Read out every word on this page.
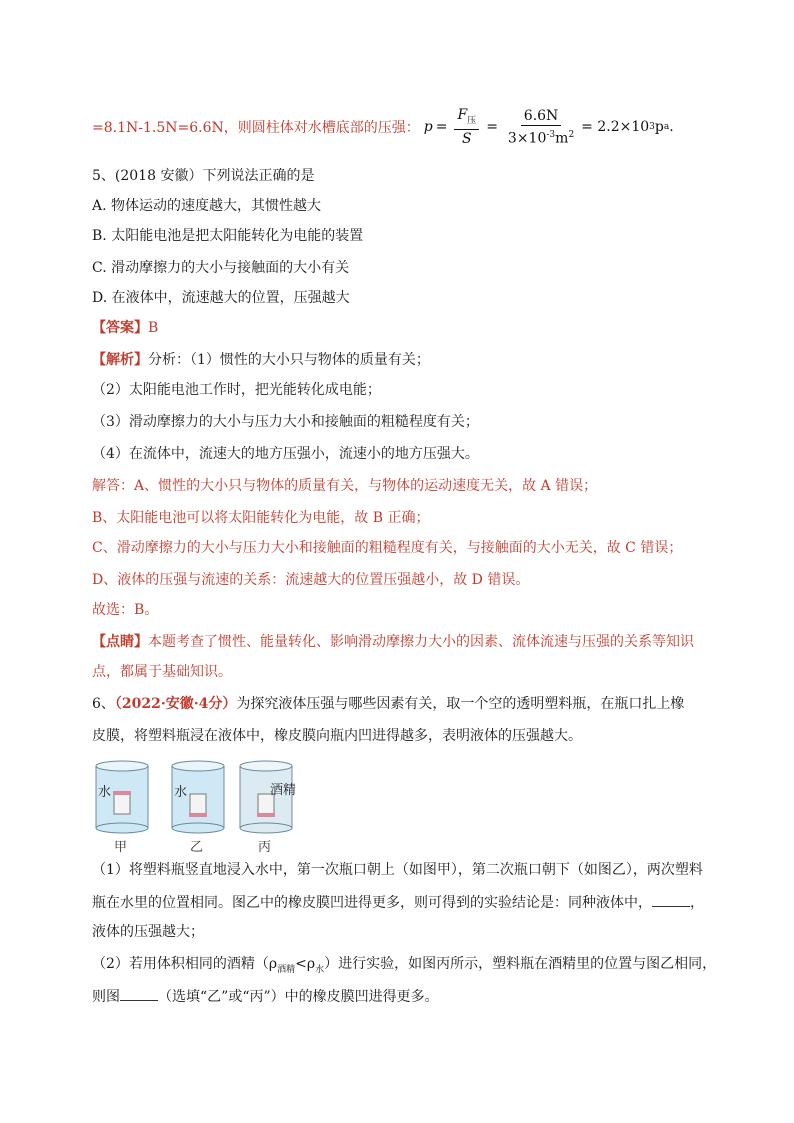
=8.1N-1.5N=6.6N，则圆柱体对水槽底部的压强： $p = \frac{F_压}{S} = \frac{6.6N}{3\times 10^{-3}m^2} = 2.2\times 10$ 3 p a .
5、(2018 安徽）下列说法正确的是
A. 物体运动的速度越大，其惯性越大
B. 太阳能电池是把太阳能转化为电能的装置
C. 滑动摩擦力的大小与接触面的大小有关
D. 在液体中，流速越大的位置，压强越大
【答案】B
【解析】分析：（1）惯性的大小只与物体的质量有关；
（2）太阳能电池工作时，把光能转化成电能；
（3）滑动摩擦力的大小与压力大小和接触面的粗糙程度有关；
（4）在流体中，流速大的地方压强小，流速小的地方压强大。
解答：A、惯性的大小只与物体的质量有关，与物体的运动速度无关，故 A 错误；
B、太阳能电池可以将太阳能转化为电能，故 B 正确；
C、滑动摩擦力的大小与压力大小和接触面的粗糙程度有关，与接触面的大小无关，故 C 错误；
D、液体的压强与流速的关系：流速越大的位置压强越小，故 D 错误。
故选：B。
【点睛】本题考查了惯性、能量转化、影响滑动摩擦力大小的因素、流体流速与压强的关系等知识
点，都属于基础知识。
6、（2022·安徽·4分）为探究液体压强与哪些因素有关，取一个空的透明塑料瓶，在瓶口扎上橡
皮膜，将塑料瓶浸在液体中，橡皮膜向瓶内凹进得越多，表明液体的压强越大。
水	水	酒精
甲	乙	丙
（1）将塑料瓶竖直地浸入水中，第一次瓶口朝上（如图甲），第二次瓶口朝下（如图乙），两次塑料
瓶在水里的位置相同。图乙中的橡皮膜凹进得更多，则可得到的实验结论是：同种液体中，	，
液体的压强越大；
（2）若用体积相同的酒精$(\rho_{酒精}<\rho_水)$进行实验，如图丙所示，塑料瓶在酒精里的位置与图乙相同，
则图	（选填“乙”或“丙”）中的橡皮膜凹进得更多。
